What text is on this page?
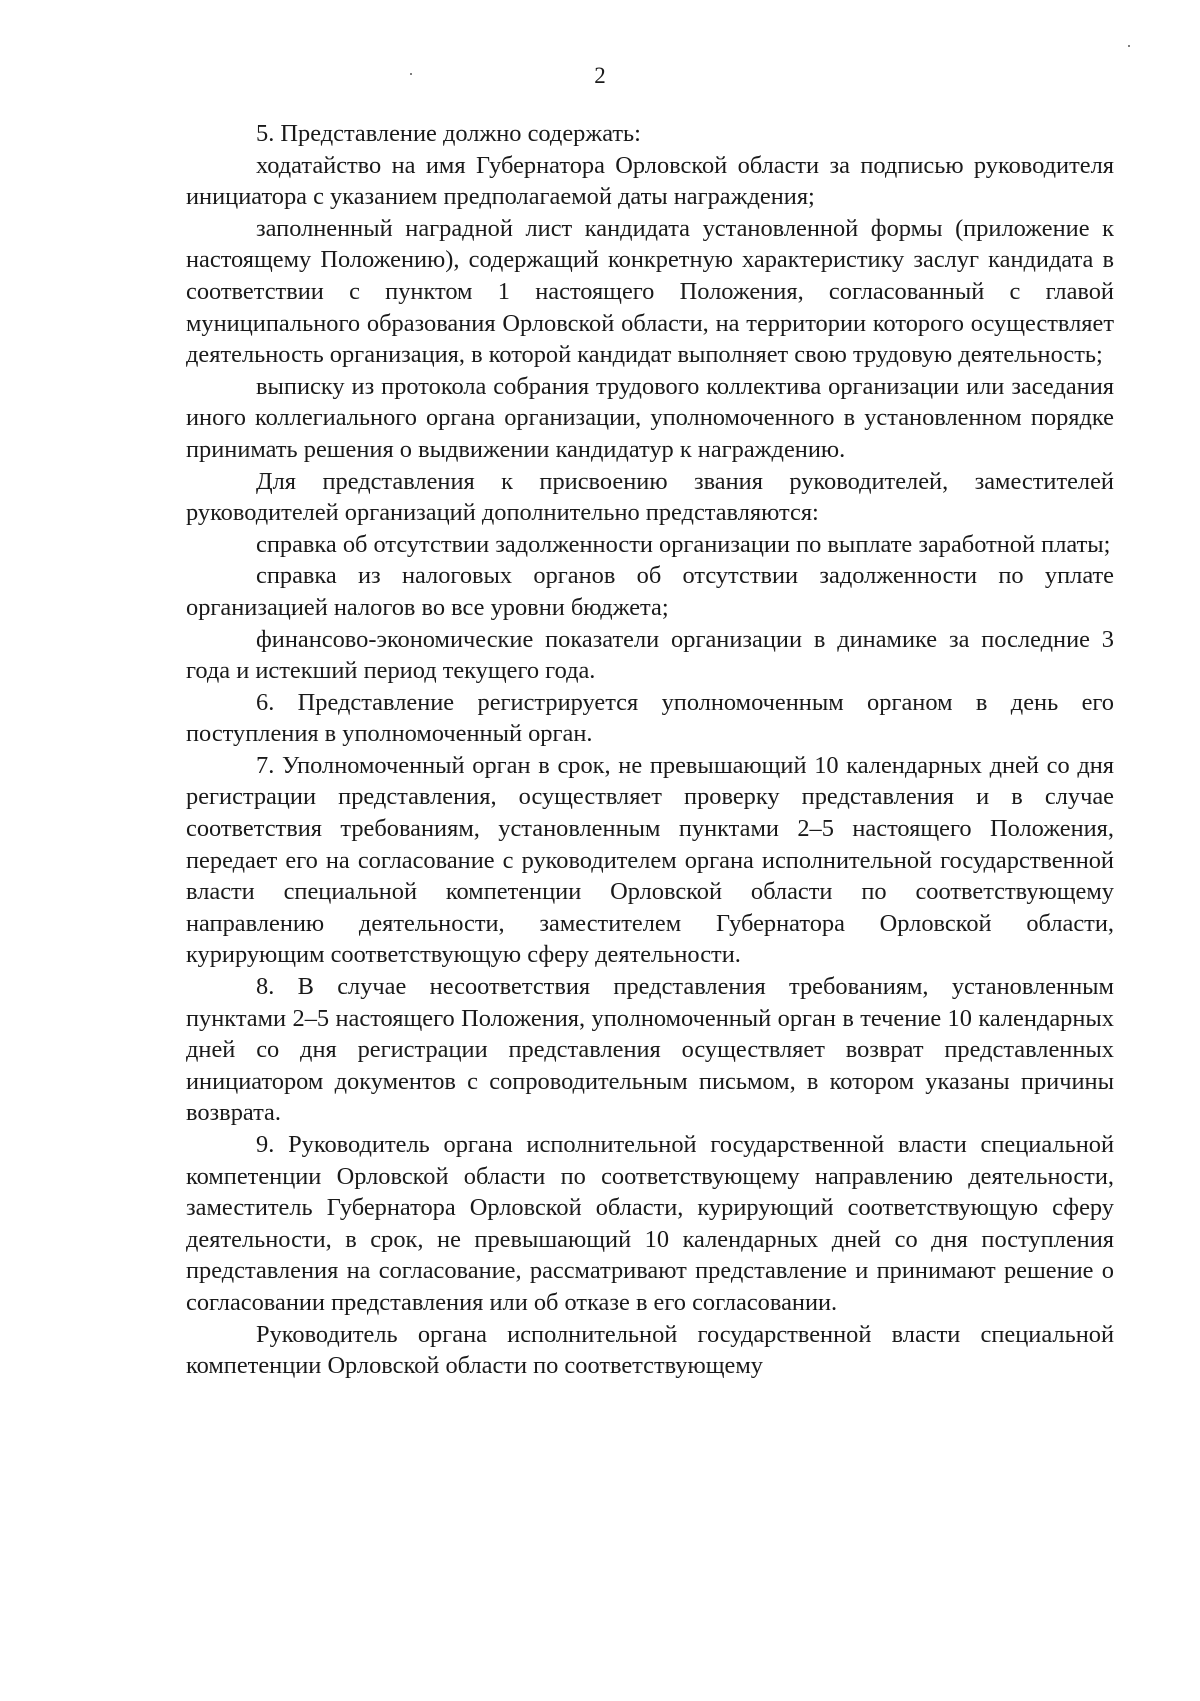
2

5. Представление должно содержать:

ходатайство на имя Губернатора Орловской области за подписью руководителя инициатора с указанием предполагаемой даты награждения;

заполненный наградной лист кандидата установленной формы (приложение к настоящему Положению), содержащий конкретную характеристику заслуг кандидата в соответствии с пунктом 1 настоящего Положения, согласованный с главой муниципального образования Орловской области, на территории которого осуществляет деятельность организация, в которой кандидат выполняет свою трудовую деятельность;

выписку из протокола собрания трудового коллектива организации или заседания иного коллегиального органа организации, уполномоченного в установленном порядке принимать решения о выдвижении кандидатур к награждению.

Для представления к присвоению звания руководителей, заместителей руководителей организаций дополнительно представляются:

справка об отсутствии задолженности организации по выплате заработной платы;

справка из налоговых органов об отсутствии задолженности по уплате организацией налогов во все уровни бюджета;

финансово-экономические показатели организации в динамике за последние 3 года и истекший период текущего года.

6. Представление регистрируется уполномоченным органом в день его поступления в уполномоченный орган.

7. Уполномоченный орган в срок, не превышающий 10 календарных дней со дня регистрации представления, осуществляет проверку представления и в случае соответствия требованиям, установленным пунктами 2–5 настоящего Положения, передает его на согласование с руководителем органа исполнительной государственной власти специальной компетенции Орловской области по соответствующему направлению деятельности, заместителем Губернатора Орловской области, курирующим соответствующую сферу деятельности.

8. В случае несоответствия представления требованиям, установленным пунктами 2–5 настоящего Положения, уполномоченный орган в течение 10 календарных дней со дня регистрации представления осуществляет возврат представленных инициатором документов с сопроводительным письмом, в котором указаны причины возврата.

9. Руководитель органа исполнительной государственной власти специальной компетенции Орловской области по соответствующему направлению деятельности, заместитель Губернатора Орловской области, курирующий соответствующую сферу деятельности, в срок, не превышающий 10 календарных дней со дня поступления представления на согласование, рассматривают представление и принимают решение о согласовании представления или об отказе в его согласовании.

Руководитель органа исполнительной государственной власти специальной компетенции Орловской области по соответствующему
